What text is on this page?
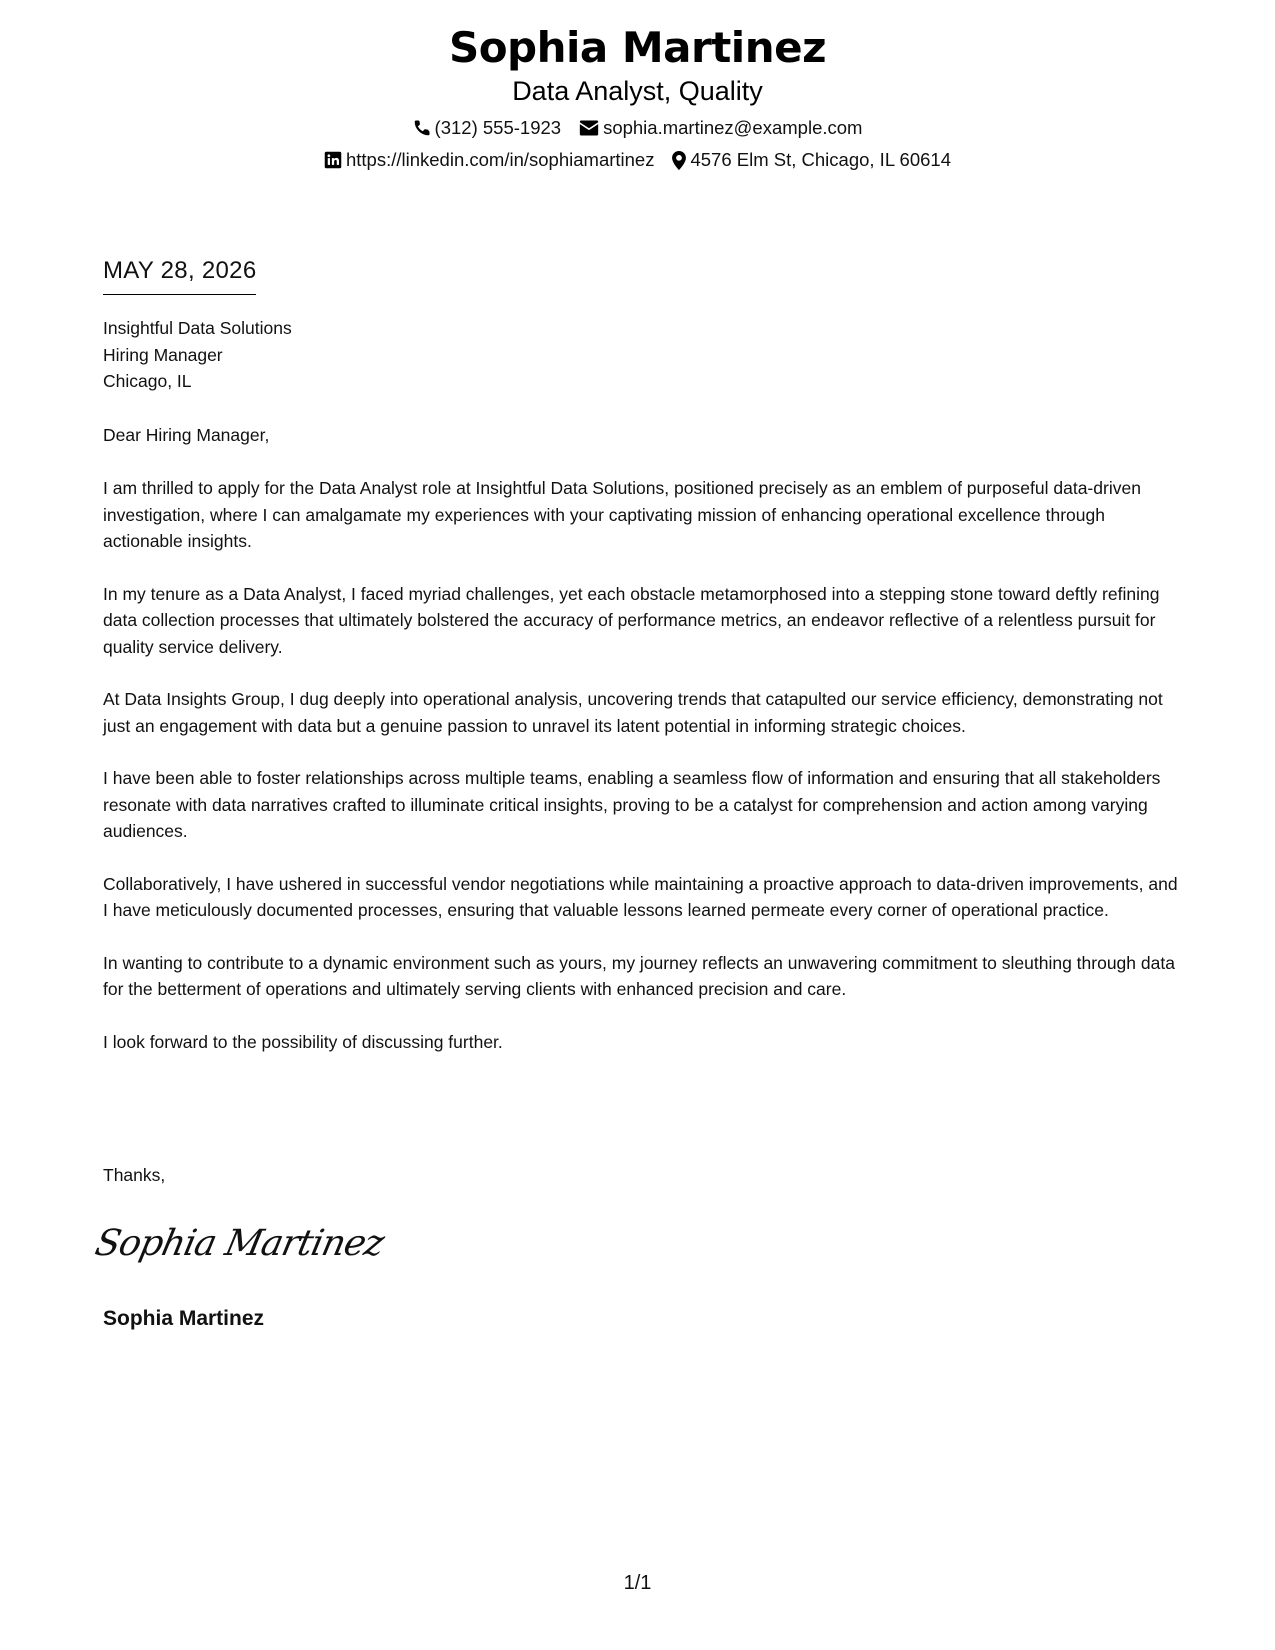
Sophia Martinez
Data Analyst, Quality
(312) 555-1923 sophia.martinez@example.com
https://linkedin.com/in/sophiamartinez 4576 Elm St, Chicago, IL 60614
MAY 28, 2026
Insightful Data Solutions
Hiring Manager
Chicago, IL
Dear Hiring Manager,

I am thrilled to apply for the Data Analyst role at Insightful Data Solutions, positioned precisely as an emblem of purposeful data-driven investigation, where I can amalgamate my experiences with your captivating mission of enhancing operational excellence through actionable insights.

In my tenure as a Data Analyst, I faced myriad challenges, yet each obstacle metamorphosed into a stepping stone toward deftly refining data collection processes that ultimately bolstered the accuracy of performance metrics, an endeavor reflective of a relentless pursuit for quality service delivery.

At Data Insights Group, I dug deeply into operational analysis, uncovering trends that catapulted our service efficiency, demonstrating not just an engagement with data but a genuine passion to unravel its latent potential in informing strategic choices.

I have been able to foster relationships across multiple teams, enabling a seamless flow of information and ensuring that all stakeholders resonate with data narratives crafted to illuminate critical insights, proving to be a catalyst for comprehension and action among varying audiences.

Collaboratively, I have ushered in successful vendor negotiations while maintaining a proactive approach to data-driven improvements, and I have meticulously documented processes, ensuring that valuable lessons learned permeate every corner of operational practice.

In wanting to contribute to a dynamic environment such as yours, my journey reflects an unwavering commitment to sleuthing through data for the betterment of operations and ultimately serving clients with enhanced precision and care.

I look forward to the possibility of discussing further.

Thanks,
Sophia Martinez
Sophia Martinez
1/1
